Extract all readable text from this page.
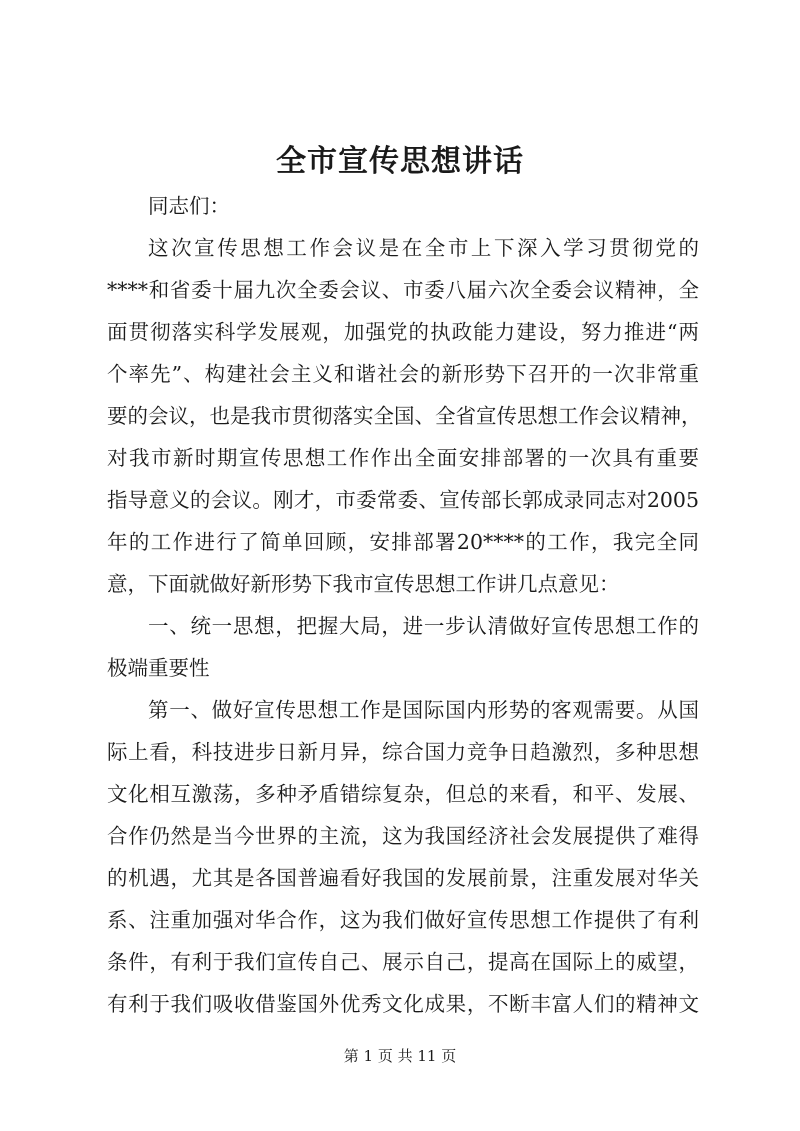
全市宣传思想讲话
同志们：
这次宣传思想工作会议是在全市上下深入学习贯彻党的
****和省委十届九次全委会议、市委八届六次全委会议精神，全
面贯彻落实科学发展观，加强党的执政能力建设，努力推进“两
个率先”、构建社会主义和谐社会的新形势下召开的一次非常重
要的会议，也是我市贯彻落实全国、全省宣传思想工作会议精神，
对我市新时期宣传思想工作作出全面安排部署的一次具有重要
指导意义的会议。刚才，市委常委、宣传部长郭成录同志对2005
年的工作进行了简单回顾，安排部署20****的工作，我完全同
意，下面就做好新形势下我市宣传思想工作讲几点意见：
一、统一思想，把握大局，进一步认清做好宣传思想工作的
极端重要性
第一、做好宣传思想工作是国际国内形势的客观需要。从国
际上看，科技进步日新月异，综合国力竞争日趋激烈，多种思想
文化相互激荡，多种矛盾错综复杂，但总的来看，和平、发展、
合作仍然是当今世界的主流，这为我国经济社会发展提供了难得
的机遇，尤其是各国普遍看好我国的发展前景，注重发展对华关
系、注重加强对华合作，这为我们做好宣传思想工作提供了有利
条件，有利于我们宣传自己、展示自己，提高在国际上的威望，
有利于我们吸收借鉴国外优秀文化成果，不断丰富人们的精神文
第 1 页 共 11 页
